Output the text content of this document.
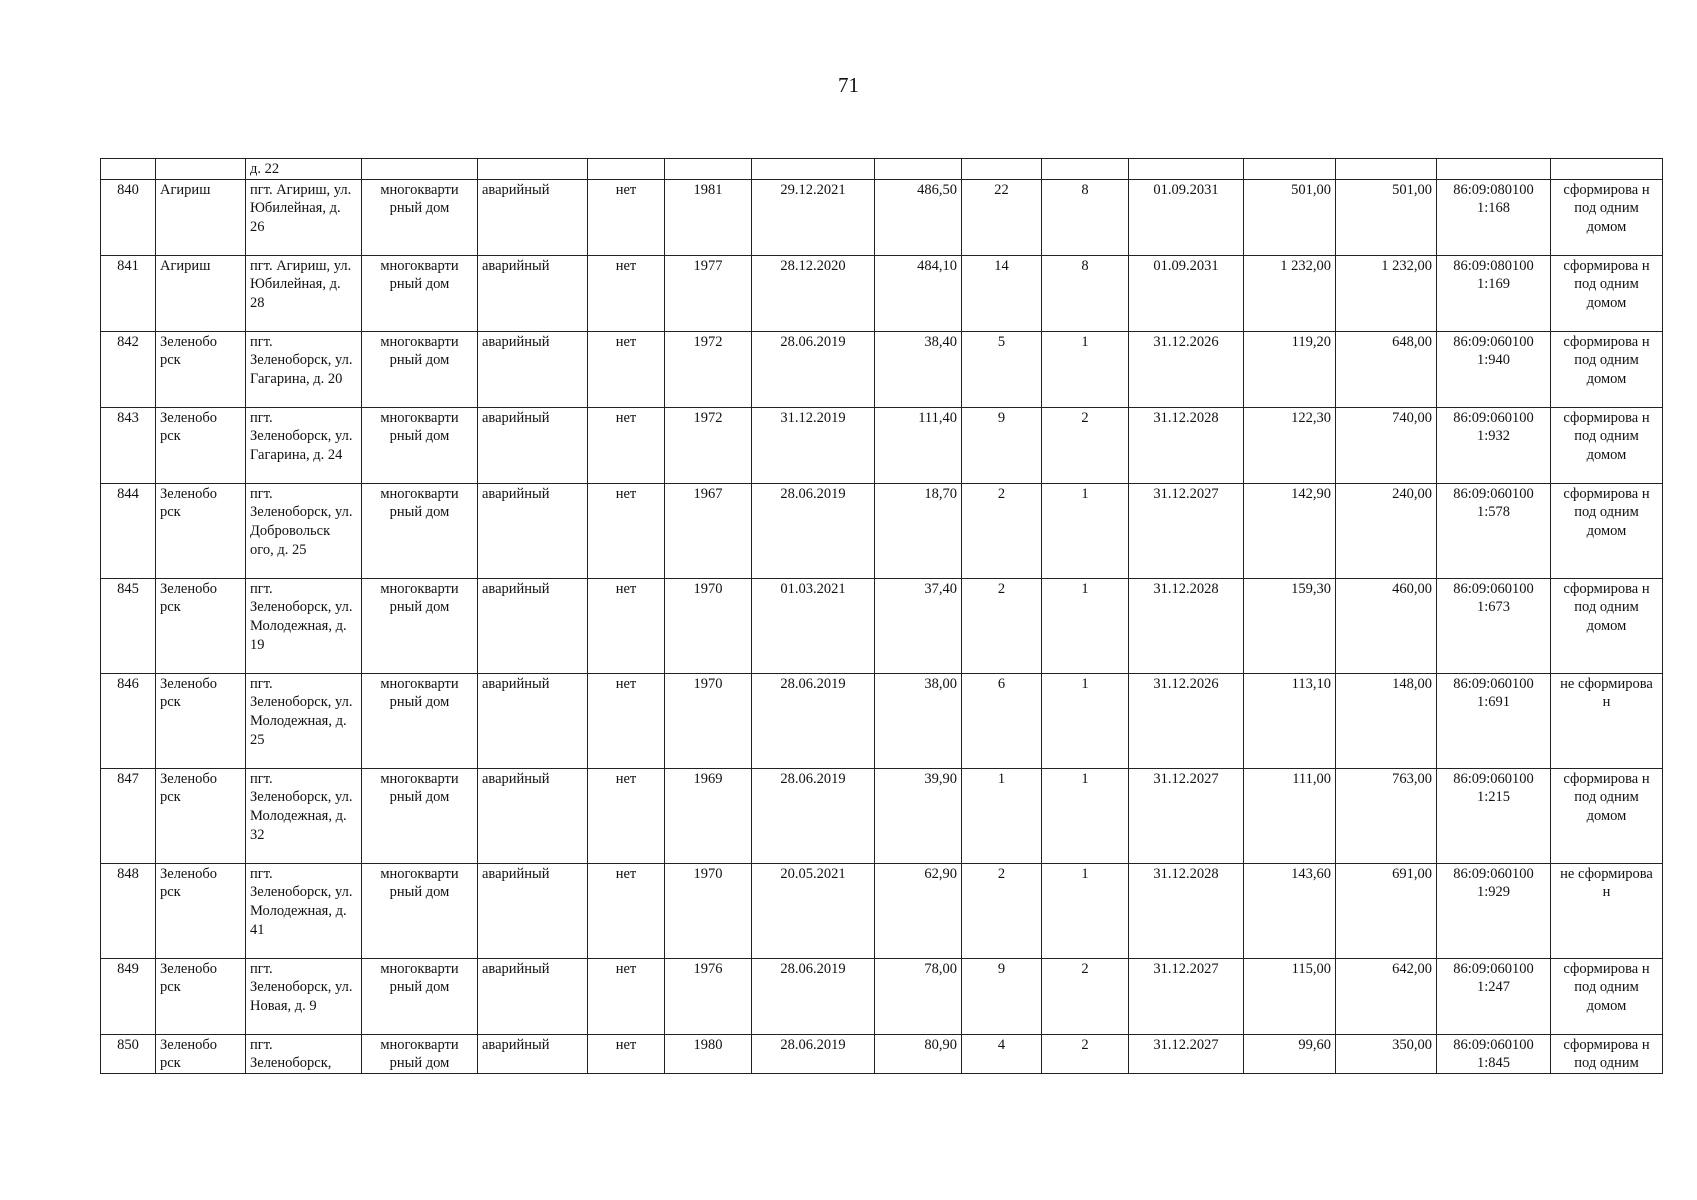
71
		д. 22													
840	Агириш	пгт. Агириш, ул. Юбилейная, д. 26	многокварти рный дом	аварийный	нет	1981	29.12.2021	486,50	22	8	01.09.2031	501,00	501,00	86:09:080100 1:168	сформирова н под одним домом
841	Агириш	пгт. Агириш, ул. Юбилейная, д. 28	многокварти рный дом	аварийный	нет	1977	28.12.2020	484,10	14	8	01.09.2031	1 232,00	1 232,00	86:09:080100 1:169	сформирова н под одним домом
842	Зеленобо рск	пгт. Зеленоборск, ул. Гагарина, д. 20	многокварти рный дом	аварийный	нет	1972	28.06.2019	38,40	5	1	31.12.2026	119,20	648,00	86:09:060100 1:940	сформирова н под одним домом
843	Зеленобо рск	пгт. Зеленоборск, ул. Гагарина, д. 24	многокварти рный дом	аварийный	нет	1972	31.12.2019	111,40	9	2	31.12.2028	122,30	740,00	86:09:060100 1:932	сформирова н под одним домом
844	Зеленобо рск	пгт. Зеленоборск, ул. Добровольск ого, д. 25	многокварти рный дом	аварийный	нет	1967	28.06.2019	18,70	2	1	31.12.2027	142,90	240,00	86:09:060100 1:578	сформирова н под одним домом
845	Зеленобо рск	пгт. Зеленоборск, ул. Молодежная, д. 19	многокварти рный дом	аварийный	нет	1970	01.03.2021	37,40	2	1	31.12.2028	159,30	460,00	86:09:060100 1:673	сформирова н под одним домом
846	Зеленобо рск	пгт. Зеленоборск, ул. Молодежная, д. 25	многокварти рный дом	аварийный	нет	1970	28.06.2019	38,00	6	1	31.12.2026	113,10	148,00	86:09:060100 1:691	не сформирова н
847	Зеленобо рск	пгт. Зеленоборск, ул. Молодежная, д. 32	многокварти рный дом	аварийный	нет	1969	28.06.2019	39,90	1	1	31.12.2027	111,00	763,00	86:09:060100 1:215	сформирова н под одним домом
848	Зеленобо рск	пгт. Зеленоборск, ул. Молодежная, д. 41	многокварти рный дом	аварийный	нет	1970	20.05.2021	62,90	2	1	31.12.2028	143,60	691,00	86:09:060100 1:929	не сформирова н
849	Зеленобо рск	пгт. Зеленоборск, ул. Новая, д. 9	многокварти рный дом	аварийный	нет	1976	28.06.2019	78,00	9	2	31.12.2027	115,00	642,00	86:09:060100 1:247	сформирова н под одним домом
850	Зеленобо рск	пгт. Зеленоборск,	многокварти рный дом	аварийный	нет	1980	28.06.2019	80,90	4	2	31.12.2027	99,60	350,00	86:09:060100 1:845	сформирова н под одним
